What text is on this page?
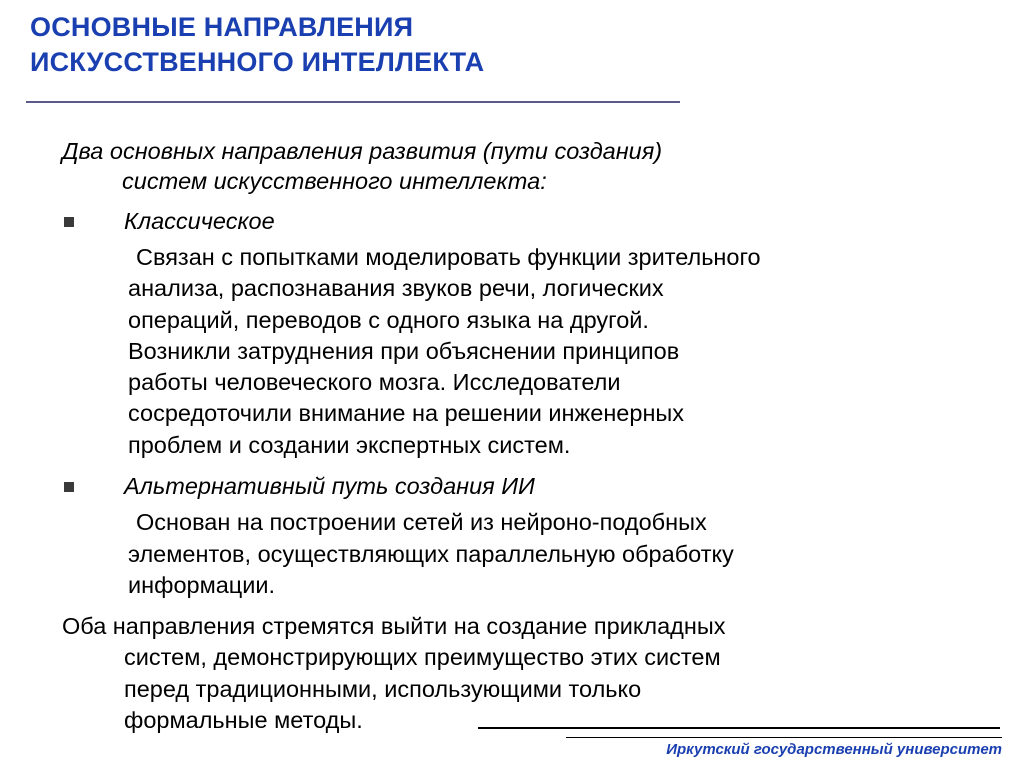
ОСНОВНЫЕ НАПРАВЛЕНИЯ
ИСКУССТВЕННОГО ИНТЕЛЛЕКТА

Два основных направления развития (пути создания)
систем искусственного интеллекта:

Классическое
Связан с попытками моделировать функции зрительного
анализа, распознавания звуков речи, логических
операций, переводов с одного языка на другой.
Возникли затруднения при объяснении принципов
работы человеческого мозга. Исследователи
сосредоточили внимание на решении инженерных
проблем и создании экспертных систем.
Альтернативный путь создания ИИ
Основан на построении сетей из нейроно-подобных
элементов, осуществляющих параллельную обработку
информации.
Оба направления стремятся выйти на создание прикладных
систем, демонстрирующих преимущество этих систем
перед традиционными, использующими только
формальные методы.
Иркутский государственный университет
